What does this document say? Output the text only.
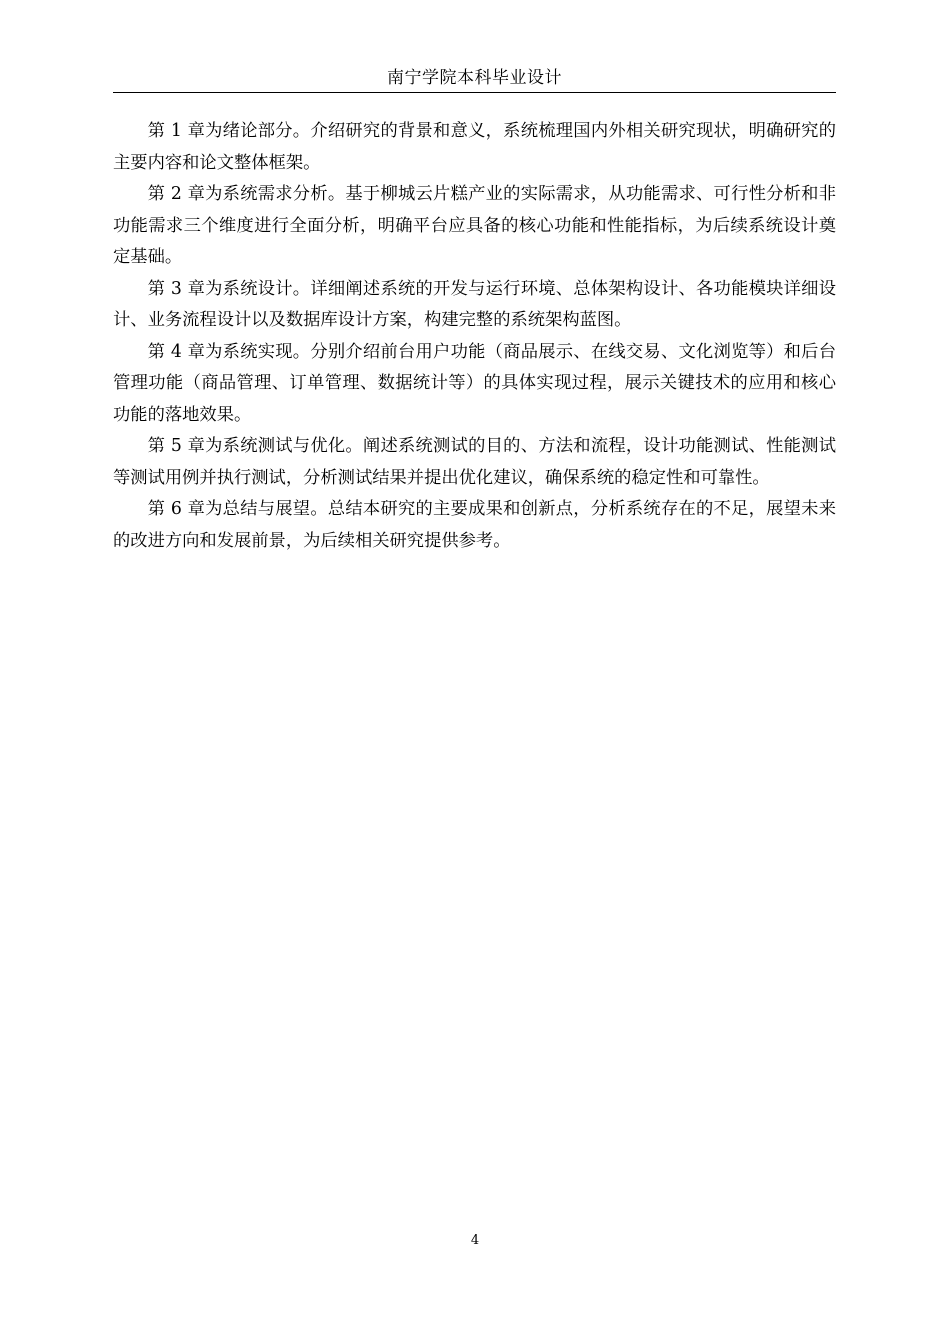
南宁学院本科毕业设计

第 1 章为绪论部分。介绍研究的背景和意义，系统梳理国内外相关研究现状，明确研究的主要内容和论文整体框架。

第 2 章为系统需求分析。基于柳城云片糕产业的实际需求，从功能需求、可行性分析和非功能需求三个维度进行全面分析，明确平台应具备的核心功能和性能指标，为后续系统设计奠定基础。

第 3 章为系统设计。详细阐述系统的开发与运行环境、总体架构设计、各功能模块详细设计、业务流程设计以及数据库设计方案，构建完整的系统架构蓝图。

第 4 章为系统实现。分别介绍前台用户功能（商品展示、在线交易、文化浏览等）和后台管理功能（商品管理、订单管理、数据统计等）的具体实现过程，展示关键技术的应用和核心功能的落地效果。

第 5 章为系统测试与优化。阐述系统测试的目的、方法和流程，设计功能测试、性能测试等测试用例并执行测试，分析测试结果并提出优化建议，确保系统的稳定性和可靠性。

第 6 章为总结与展望。总结本研究的主要成果和创新点，分析系统存在的不足，展望未来的改进方向和发展前景，为后续相关研究提供参考。

4
